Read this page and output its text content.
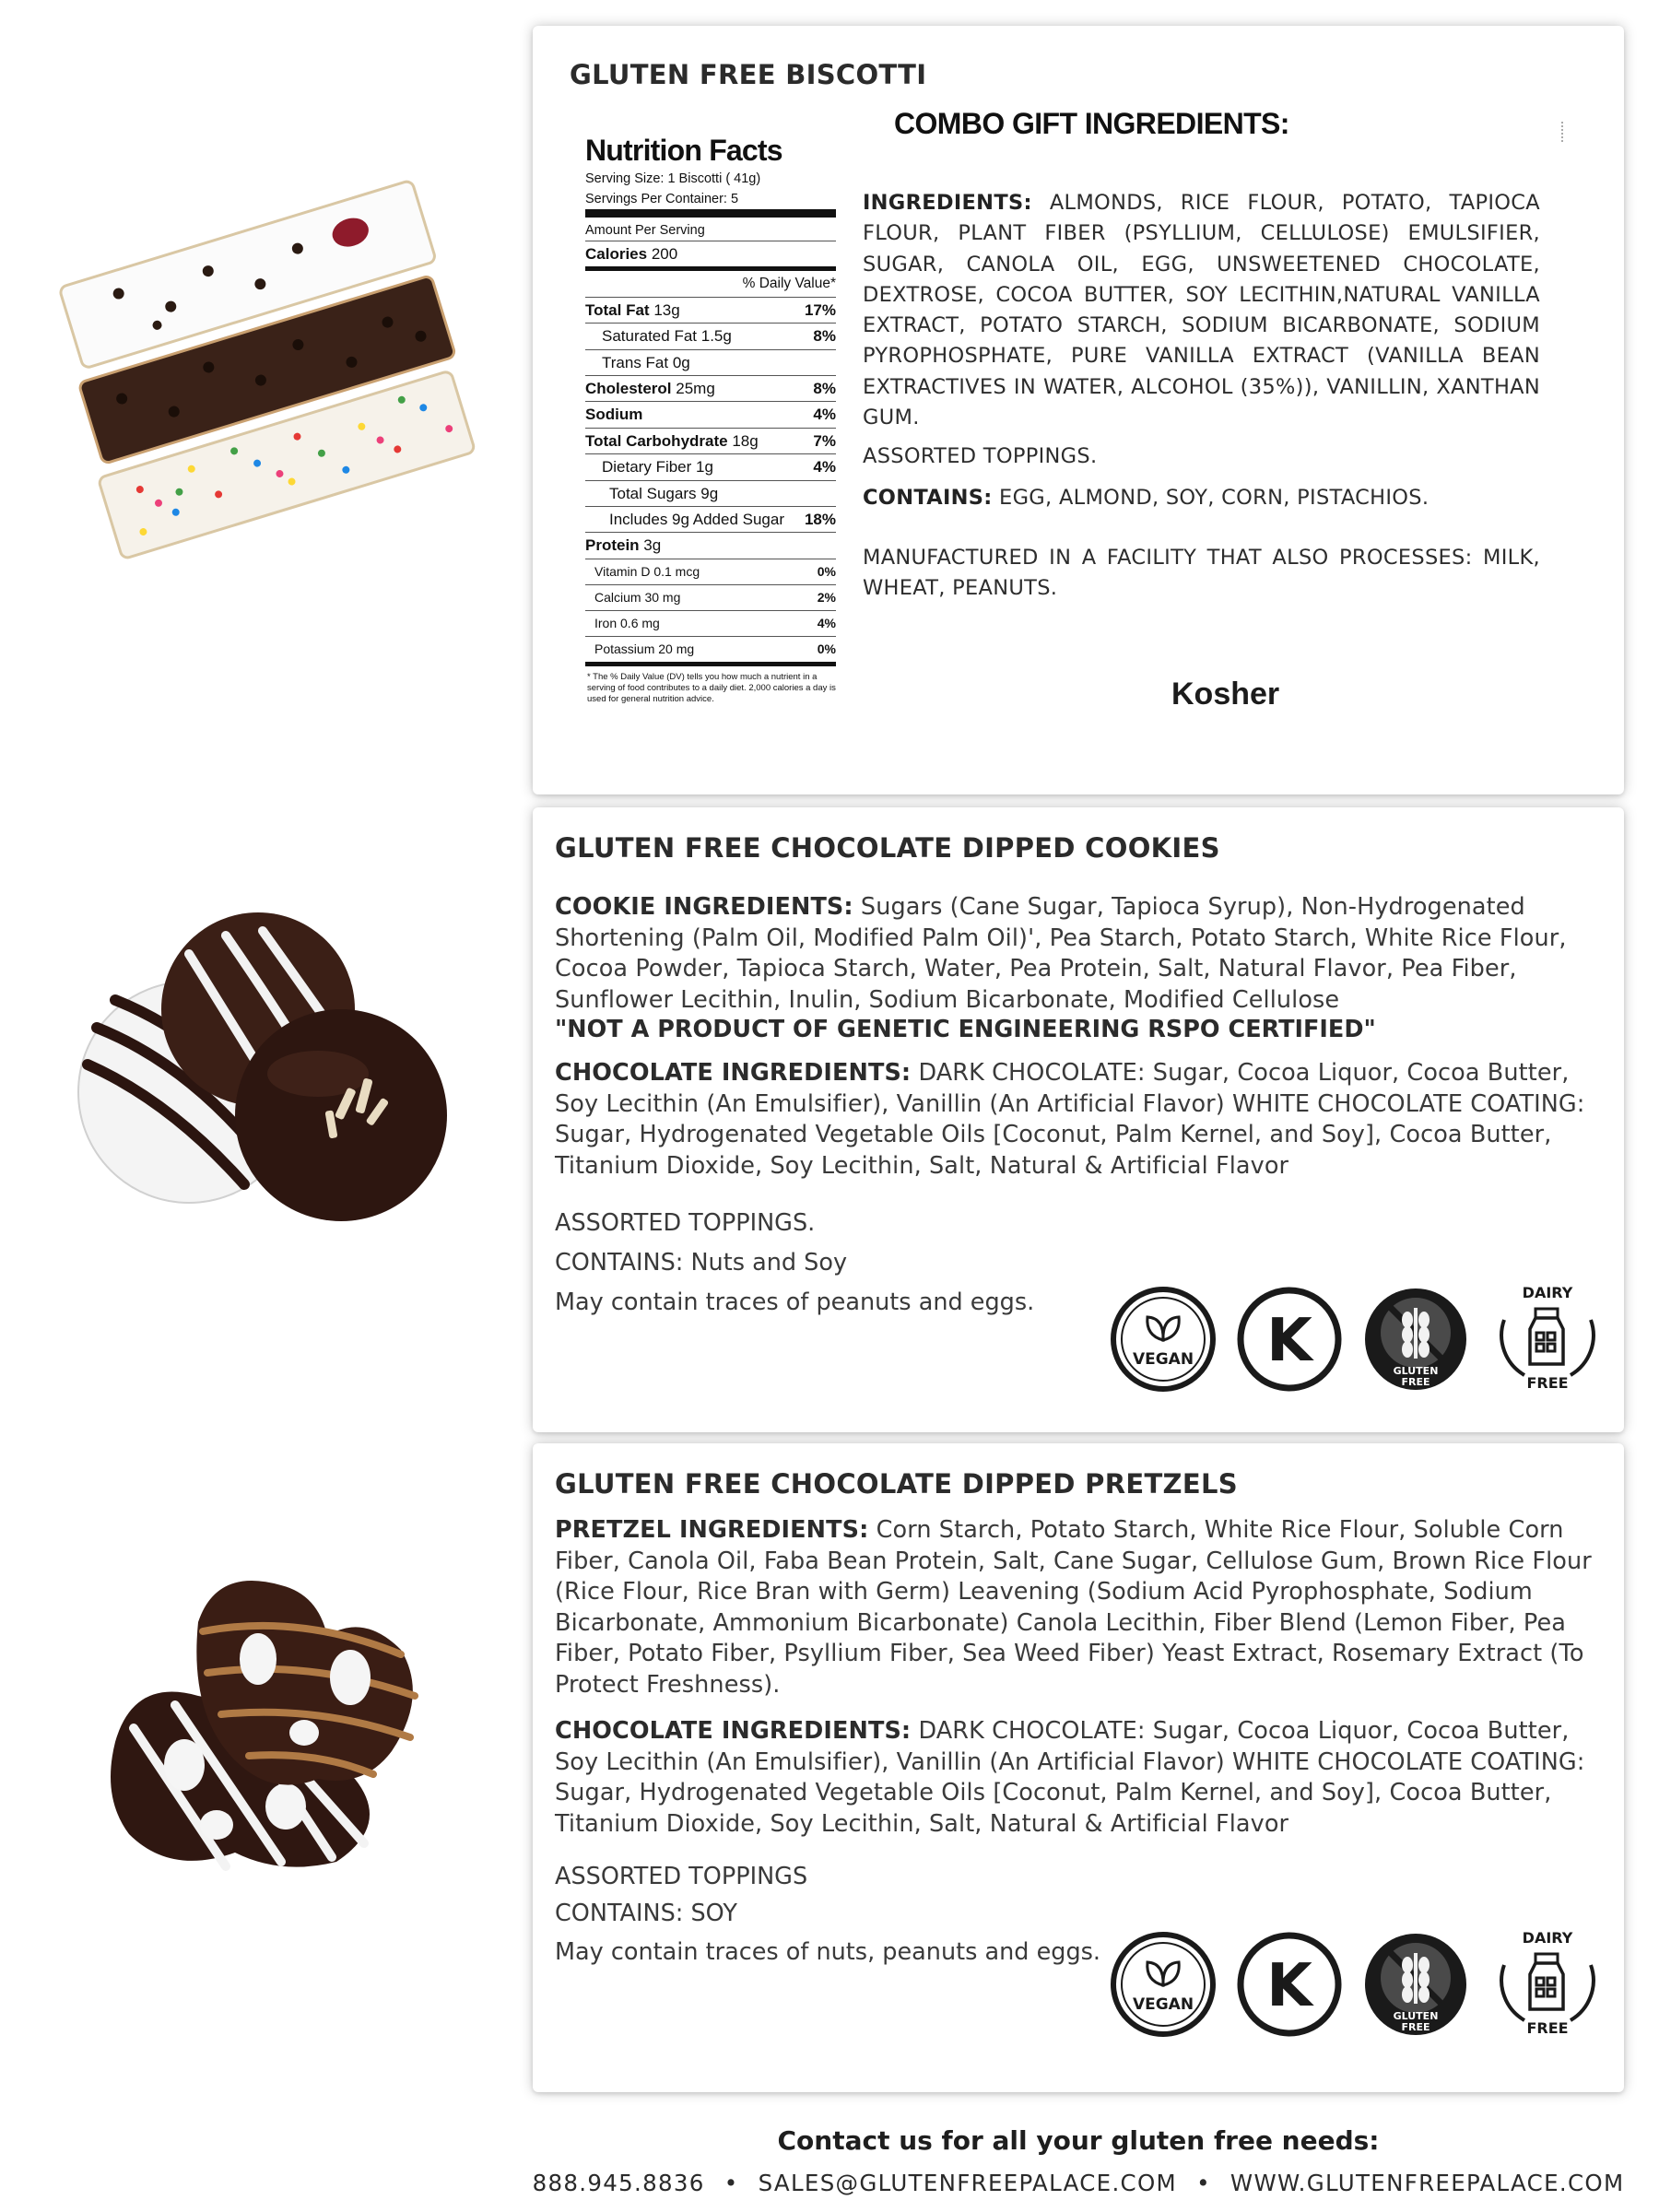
GLUTEN FREE BISCOTTI
Nutrition Facts
Serving Size: 1 Biscotti ( 41g)
Servings Per Container: 5
Amount Per Serving
Calories 200
% Daily Value*
Total Fat 13g	17%
Saturated Fat 1.5g	8%
Trans Fat 0g
Cholesterol 25mg	8%
Sodium	4%
Total Carbohydrate 18g	7%
Dietary Fiber 1g	4%
Total Sugars 9g
Includes 9g Added Sugar 18%
Protein 3g
Vitamin D 0.1 mcg	0%
Calcium 30 mg	2%
Iron 0.6 mg	4%
Potassium 20 mg	0%
* The % Daily Value (DV) tells you how much a nutrient in a serving of food contributes to a daily diet. 2,000 calories a day is used for general nutrition advice.
COMBO GIFT INGREDIENTS:
INGREDIENTS: ALMONDS, RICE FLOUR, POTATO, TAPIOCA FLOUR, PLANT FIBER (PSYLLIUM, CELLULOSE) EMULSIFIER, SUGAR, CANOLA OIL, EGG, UNSWEETENED CHOCOLATE, DEXTROSE, COCOA BUTTER, SOY LECITHIN,NATURAL VANILLA EXTRACT, POTATO STARCH, SODIUM BICARBONATE, SODIUM PYROPHOSPHATE, PURE VANILLA EXTRACT (VANILLA BEAN EXTRACTIVES IN WATER, ALCOHOL (35%)), VANILLIN, XANTHAN GUM.
ASSORTED TOPPINGS.
CONTAINS: EGG, ALMOND, SOY, CORN, PISTACHIOS.
MANUFACTURED IN A FACILITY THAT ALSO PROCESSES: MILK, WHEAT, PEANUTS.
Kosher
GLUTEN FREE CHOCOLATE DIPPED COOKIES
COOKIE INGREDIENTS: Sugars (Cane Sugar, Tapioca Syrup), Non-Hydrogenated Shortening (Palm Oil, Modified Palm Oil)', Pea Starch, Potato Starch, White Rice Flour, Cocoa Powder, Tapioca Starch, Water, Pea Protein, Salt, Natural Flavor, Pea Fiber, Sunflower Lecithin, Inulin, Sodium Bicarbonate, Modified Cellulose
"NOT A PRODUCT OF GENETIC ENGINEERING RSPO CERTIFIED"
CHOCOLATE INGREDIENTS: DARK CHOCOLATE: Sugar, Cocoa Liquor, Cocoa Butter, Soy Lecithin (An Emulsifier), Vanillin (An Artificial Flavor) WHITE CHOCOLATE COATING: Sugar, Hydrogenated Vegetable Oils [Coconut, Palm Kernel, and Soy], Cocoa Butter, Titanium Dioxide, Soy Lecithin, Salt, Natural & Artificial Flavor
ASSORTED TOPPINGS.
CONTAINS: Nuts and Soy
May contain traces of peanuts and eggs.
VEGAN K	GLUTEN
FREE
DAIRY
FREE
GLUTEN FREE CHOCOLATE DIPPED PRETZELS
PRETZEL INGREDIENTS: Corn Starch, Potato Starch, White Rice Flour, Soluble Corn Fiber, Canola Oil, Faba Bean Protein, Salt, Cane Sugar, Cellulose Gum, Brown Rice Flour (Rice Flour, Rice Bran with Germ) Leavening (Sodium Acid Pyrophosphate, Sodium Bicarbonate, Ammonium Bicarbonate) Canola Lecithin, Fiber Blend (Lemon Fiber, Pea Fiber, Potato Fiber, Psyllium Fiber, Sea Weed Fiber) Yeast Extract, Rosemary Extract (To Protect Freshness).
CHOCOLATE INGREDIENTS: DARK CHOCOLATE: Sugar, Cocoa Liquor, Cocoa Butter, Soy Lecithin (An Emulsifier), Vanillin (An Artificial Flavor) WHITE CHOCOLATE COATING: Sugar, Hydrogenated Vegetable Oils [Coconut, Palm Kernel, and Soy], Cocoa Butter, Titanium Dioxide, Soy Lecithin, Salt, Natural & Artificial Flavor
ASSORTED TOPPINGS
CONTAINS: SOY
May contain traces of nuts, peanuts and eggs.
VEGAN K	GLUTEN
FREE
DAIRY
FREE
Contact us for all your gluten free needs:
888.945.8836 • SALES@GLUTENFREEPALACE.COM • WWW.GLUTENFREEPALACE.COM
